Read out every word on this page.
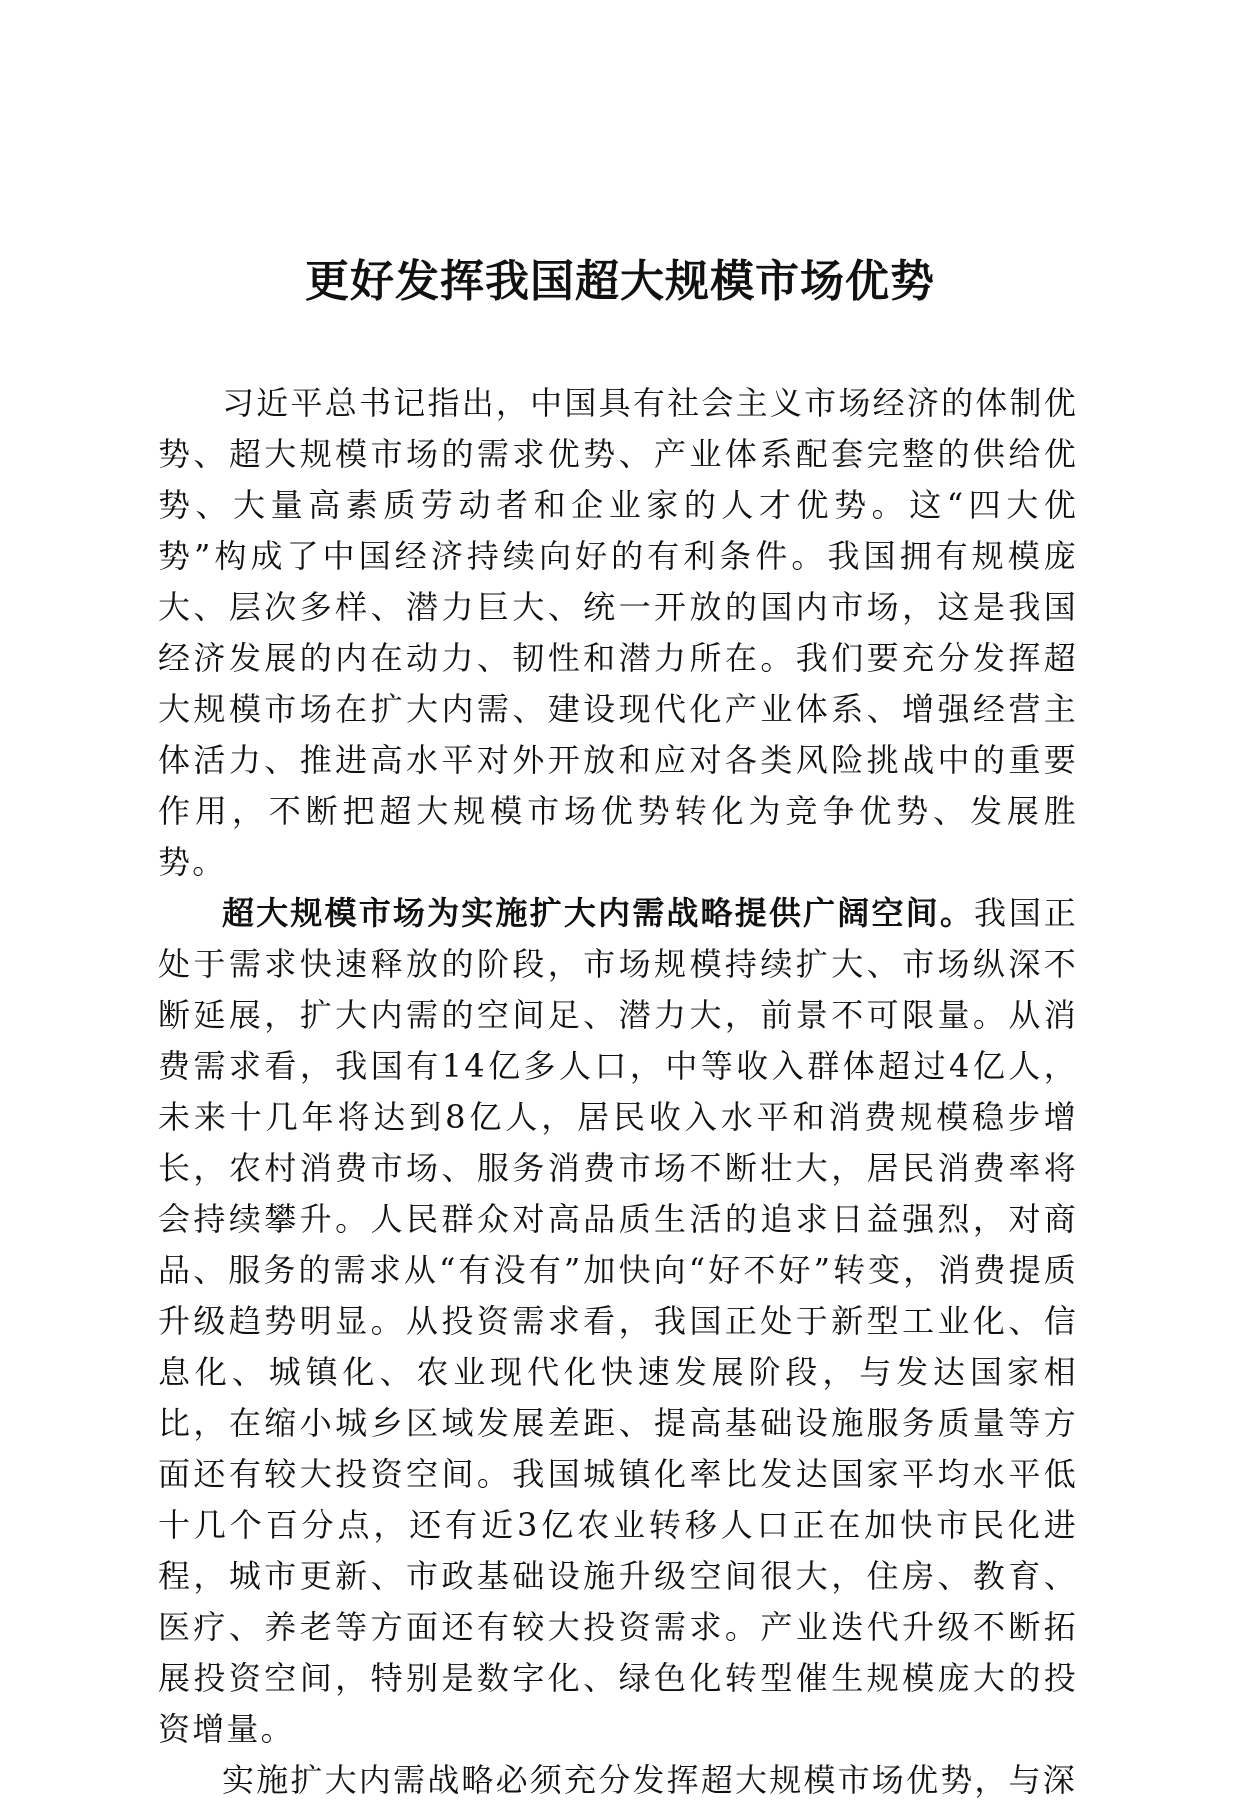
更好发挥我国超大规模市场优势

习近平总书记指出，中国具有社会主义市场经济的体制优势、超大规模市场的需求优势、产业体系配套完整的供给优势、大量高素质劳动者和企业家的人才优势。这“四大优势”构成了中国经济持续向好的有利条件。我国拥有规模庞大、层次多样、潜力巨大、统一开放的国内市场，这是我国经济发展的内在动力、韧性和潜力所在。我们要充分发挥超大规模市场在扩大内需、建设现代化产业体系、增强经营主体活力、推进高水平对外开放和应对各类风险挑战中的重要作用，不断把超大规模市场优势转化为竞争优势、发展胜势。

超大规模市场为实施扩大内需战略提供广阔空间。我国正处于需求快速释放的阶段，市场规模持续扩大、市场纵深不断延展，扩大内需的空间足、潜力大，前景不可限量。从消费需求看，我国有14亿多人口，中等收入群体超过4亿人，未来十几年将达到8亿人，居民收入水平和消费规模稳步增长，农村消费市场、服务消费市场不断壮大，居民消费率将会持续攀升。人民群众对高品质生活的追求日益强烈，对商品、服务的需求从“有没有”加快向“好不好”转变，消费提质升级趋势明显。从投资需求看，我国正处于新型工业化、信息化、城镇化、农业现代化快速发展阶段，与发达国家相比，在缩小城乡区域发展差距、提高基础设施服务质量等方面还有较大投资空间。我国城镇化率比发达国家平均水平低十几个百分点，还有近3亿农业转移人口正在加快市民化进程，城市更新、市政基础设施升级空间很大，住房、教育、医疗、养老等方面还有较大投资需求。产业迭代升级不断拓展投资空间，特别是数字化、绿色化转型催生规模庞大的投资增量。

实施扩大内需战略必须充分发挥超大规模市场优势，与深
